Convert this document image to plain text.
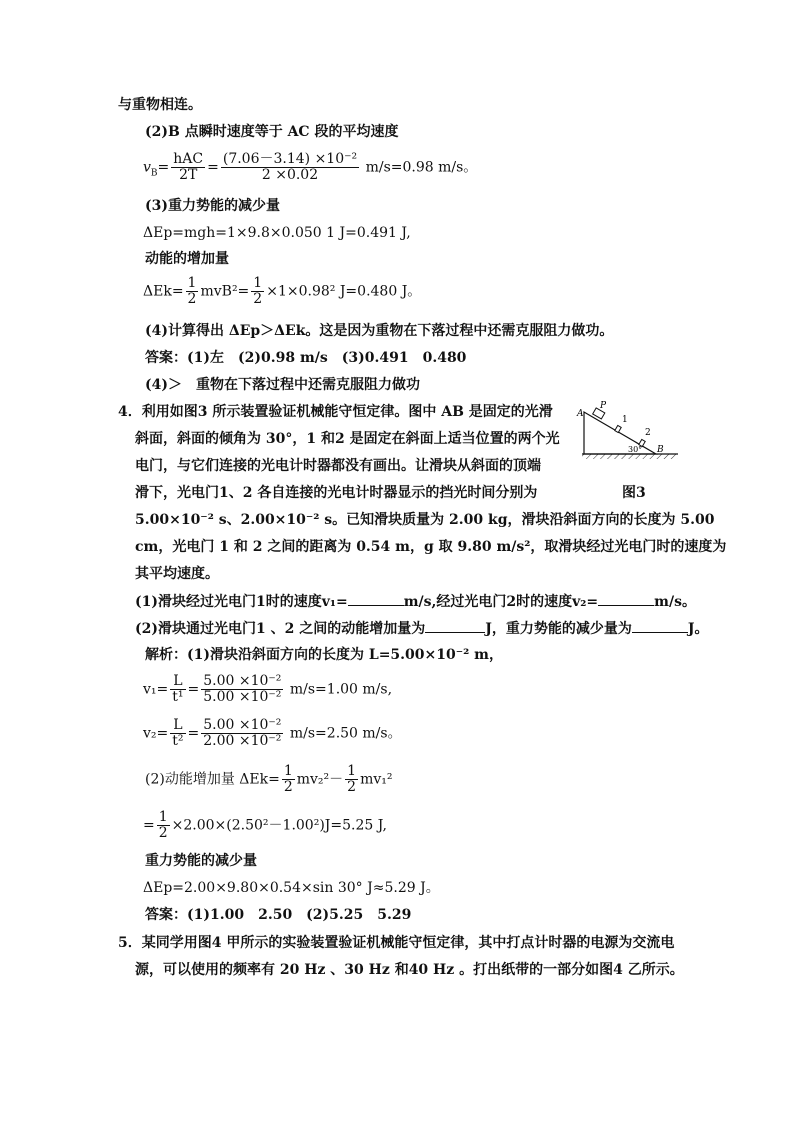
与重物相连。
(2)B 点瞬时速度等于 AC 段的平均速度
$v_B= \frac{\text{hAC}}{2T} = \frac{\text{(7.06－3.14) ×10⁻²}}{2 \times 0.02} m/s=0.98$ m/s。
(3)重力势能的减少量
ΔEp=mgh=1×9.8×0.050 1 J=0.491 J,
动能的增加量
$\Delta Ek= \frac{1}{2} mvB^2= \frac{1}{2} \times 1\times 0.98^2$ J=0.480 J。
(4)计算得出 ΔEp＞ΔEk。这是因为重物在下落过程中还需克服阻力做功。
答案：(1)左　(2)0.98 m/s　(3)0.491　0.480
(4)＞　重物在下落过程中还需克服阻力做功
4．利用如图3 所示装置验证机械能守恒定律。图中 AB 是固定的光滑
斜面，斜面的倾角为 30°，1 和2 是固定在斜面上适当位置的两个光
电门，与它们连接的光电计时器都没有画出。让滑块从斜面的顶端
滑下，光电门1、2 各自连接的光电计时器显示的挡光时间分别为	图3
A
B
P
1
2
30°
5.00×10⁻² s、2.00×10⁻² s。已知滑块质量为 2.00 kg，滑块沿斜面方向的长度为 5.00
cm，光电门 1 和 2 之间的距离为 0.54 m，g 取 9.80 m/s²，取滑块经过光电门时的速度为
其平均速度。
(1)滑块经过光电门1时的速度v₁=	m/s,经过光电门2时的速度v₂=	m/s。
(2)滑块通过光电门1 、2 之间的动能增加量为	J，重力势能的减少量为	J。
解析：(1)滑块沿斜面方向的长度为 L=5.00×10⁻² m，
$v_1= \frac{L}{\text{t¹}} = \frac{\text{5.00 ×10⁻²}}{\text{5.00 ×10⁻²}} m/s=1.00$ m/s,
$v_2= \frac{L}{\text{t²}} = \frac{\text{5.00 ×10⁻²}}{\text{2.00 ×10⁻²}} m/s=2.50$ m/s。
(2)动能增加量 $\Delta Ek= \frac{1}{2} mv_2^2- \frac{1}{2} mv_1^2$
= $\frac{1}{2} \times 2.00\times(2.50^2-1.00^2)J=5.25$ J,
重力势能的减少量
ΔEp=2.00×9.80×0.54×sin 30° J≈5.29 J。
答案：(1)1.00　2.50　(2)5.25　5.29
5．某同学用图4 甲所示的实验装置验证机械能守恒定律，其中打点计时器的电源为交流电
源，可以使用的频率有 20 Hz 、30 Hz 和40 Hz 。打出纸带的一部分如图4 乙所示。
